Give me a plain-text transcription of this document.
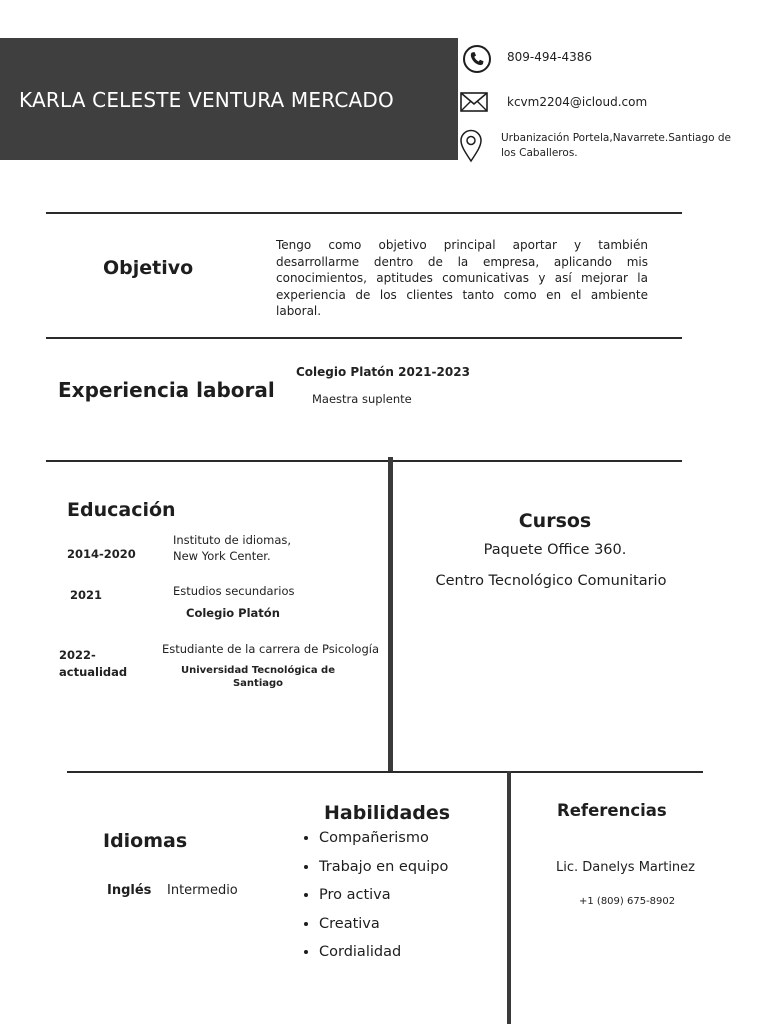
KARLA CELESTE VENTURA MERCADO
809-494-4386
kcvm2204@icloud.com
Urbanización Portela,Navarrete.Santiago de
los Caballeros.
Objetivo
Tengo como objetivo principal aportar y también desarrollarme dentro de la empresa, aplicando mis conocimientos, aptitudes comunicativas y así mejorar la experiencia de los clientes tanto como en el ambiente laboral.
Experiencia laboral
Colegio Platón 2021-2023
Maestra suplente
Educación
2014-2020
Instituto de idiomas,
New York Center.
2021	Estudios secundarios
Colegio Platón
2022-
actualidad
Estudiante de la carrera de Psicología
Universidad Tecnológica de
Santiago
Cursos
Paquete Office 360.
Centro Tecnológico Comunitario
Idiomas
Inglés Intermedio
Habilidades
• Compañerismo
• Trabajo en equipo
• Pro activa
• Creativa
• Cordialidad
Referencias
Lic. Danelys Martinez
+1 (809) 675-8902
